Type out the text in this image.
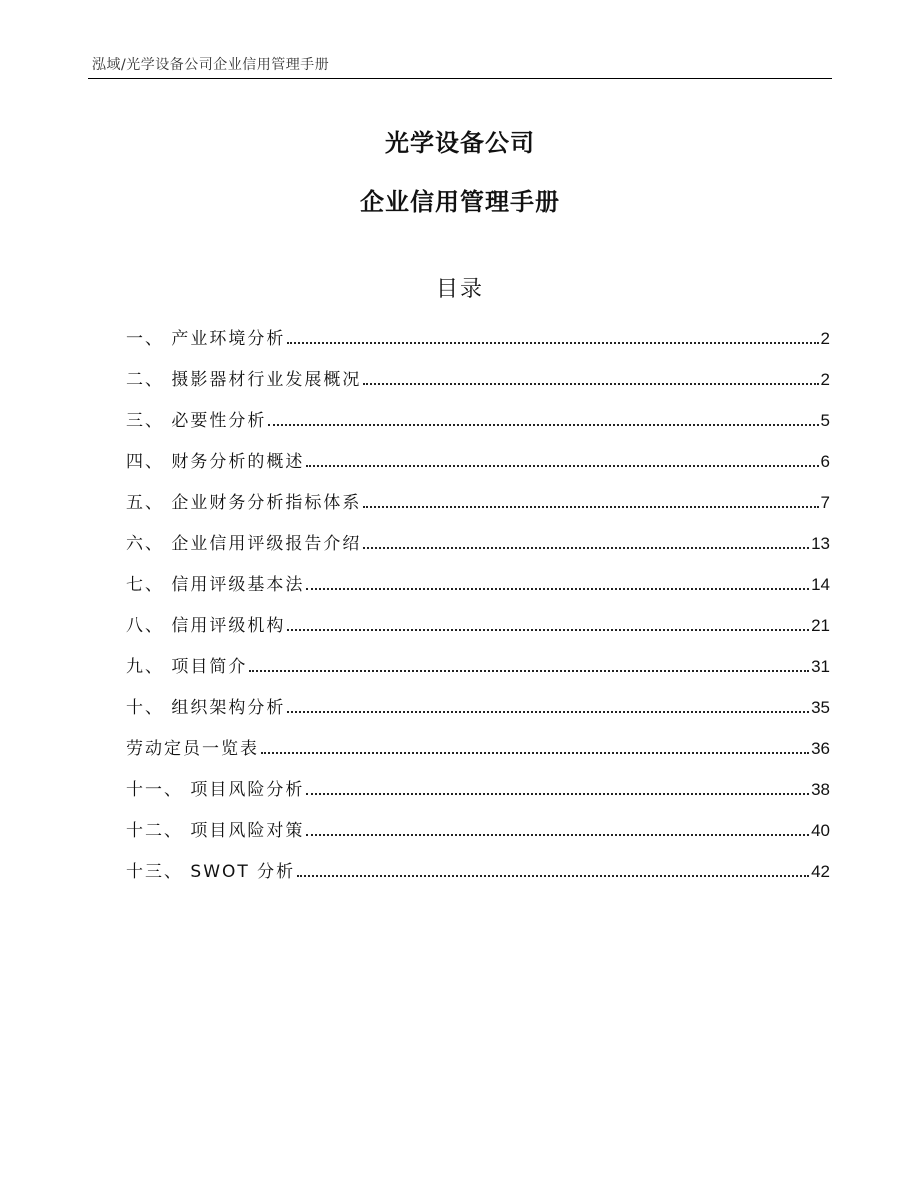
泓域/光学设备公司企业信用管理手册
光学设备公司
企业信用管理手册
目录
一、 产业环境分析	2
二、 摄影器材行业发展概况	2
三、 必要性分析	5
四、 财务分析的概述	6
五、 企业财务分析指标体系	7
六、 企业信用评级报告介绍	13
七、 信用评级基本法	14
八、 信用评级机构	21
九、 项目简介	31
十、 组织架构分析	35
劳动定员一览表	36
十一、 项目风险分析	38
十二、 项目风险对策	40
十三、 SWOT 分析	42
